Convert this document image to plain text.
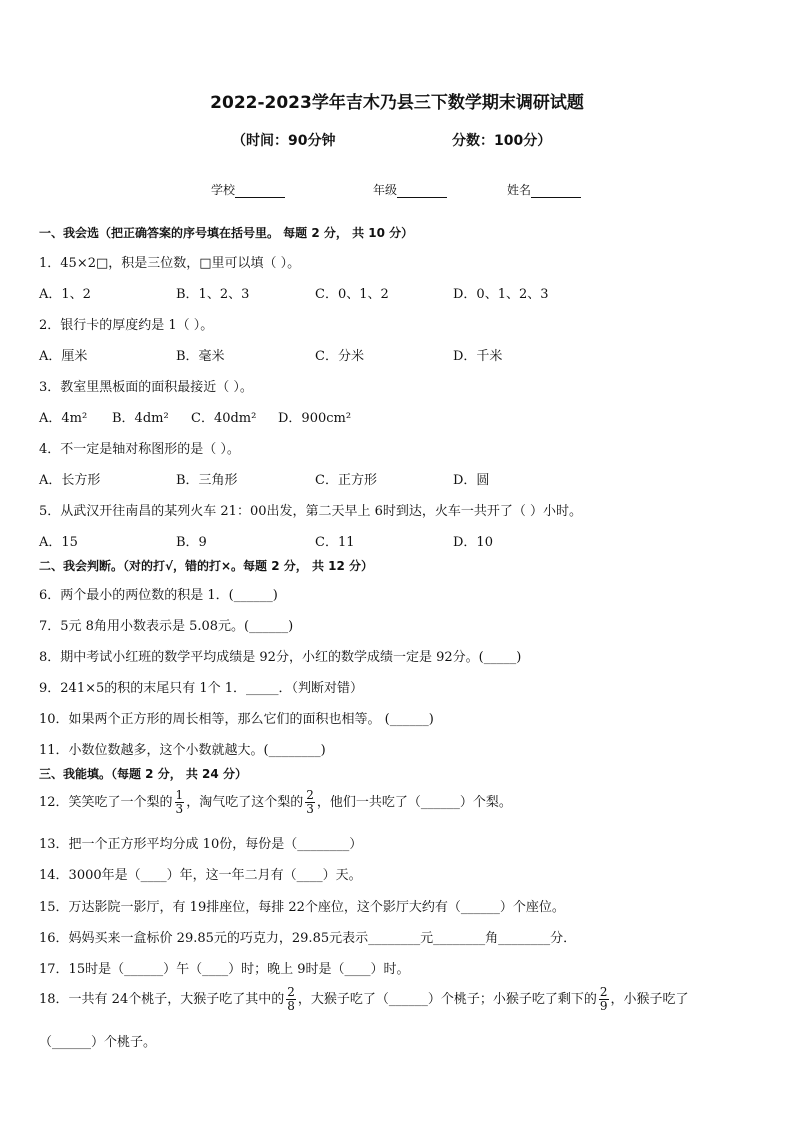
2022-2023学年吉木乃县三下数学期末调研试题
（时间：90分钟	分数：100分）
学校	年级	姓名
一、我会选（把正确答案的序号填在括号里。 每题 2 分， 共 10 分）
1．45×2□，积是三位数，□里可以填（ ）。
A．1、2	B．1、2、3	C．0、1、2	D．0、1、2、3
2．银行卡的厚度约是 1（ ）。
A．厘米	B．毫米	C．分米	D．千米
3．教室里黑板面的面积最接近（ ）。
A．4m² B．4dm² C．40dm² D．900cm²
4．不一定是轴对称图形的是（ ）。
A．长方形	B．三角形	C．正方形	D．圆
5．从武汉开往南昌的某列火车 21：00出发，第二天早上 6时到达，火车一共开了（ ）小时。
A．15	B．9	C．11	D．10
二、我会判断。（对的打√，错的打×。每题 2 分， 共 12 分）
6．两个最小的两位数的积是 1．(______)
7．5元 8角用小数表示是 5.08元。(______)
8．期中考试小红班的数学平均成绩是 92分，小红的数学成绩一定是 92分。(_____)
9．241×5的积的末尾只有 1个 1．_____．（判断对错）
10．如果两个正方形的周长相等，那么它们的面积也相等。 (______)
11．小数位数越多，这个小数就越大。(________)
三、我能填。（每题 2 分， 共 24 分）
12．笑笑吃了一个梨的 $\frac{1}{3}$ ，淘气吃了这个梨的 $\frac{2}{3}$ ，他们一共吃了（______）个梨。
13．把一个正方形平均分成 10份，每份是（________）
14．3000年是（____）年，这一年二月有（____）天。
15．万达影院一影厅，有 19排座位，每排 22个座位，这个影厅大约有（______）个座位。
16．妈妈买来一盒标价 29.85元的巧克力，29.85元表示________元________角________分．
17．15时是（______）午（____）时；晚上 9时是（____）时。
18．一共有 24个桃子，大猴子吃了其中的 $\frac{2}{8}$ ，大猴子吃了（______）个桃子；小猴子吃了剩下的 $\frac{2}{9}$ ，小猴子吃了
（______）个桃子。
